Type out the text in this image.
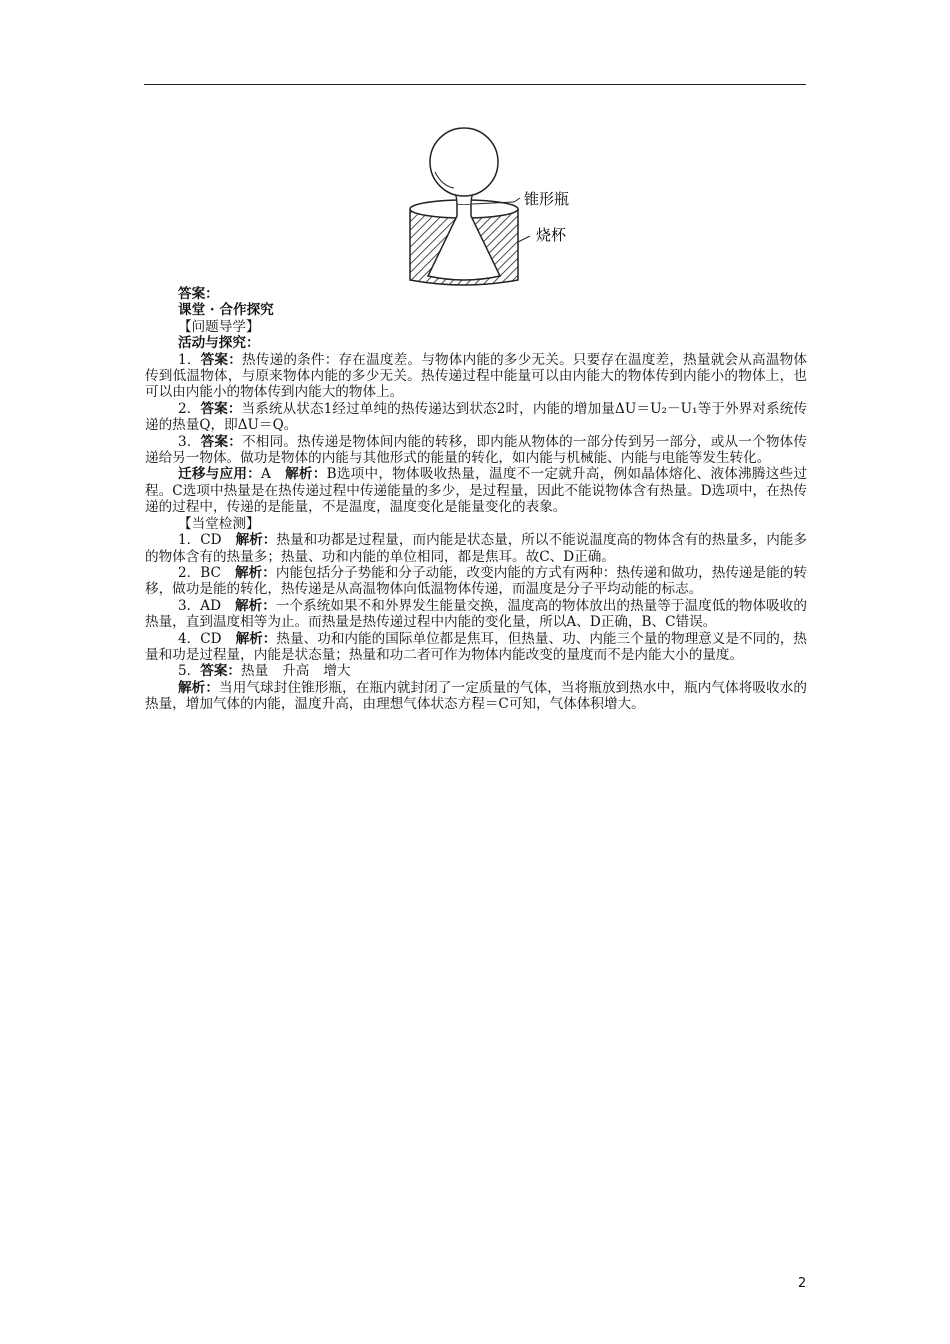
锥形瓶
烧杯

答案：

课堂 · 合作探究

【问题导学】

活动与探究：

1．答案：热传递的条件：存在温度差。与物体内能的多少无关。只要存在温度差，热量就会从高温物体传到低温物体，与原来物体内能的多少无关。热传递过程中能量可以由内能大的物体传到内能小的物体上，也可以由内能小的物体传到内能大的物体上。

2．答案：当系统从状态1经过单纯的热传递达到状态2时，内能的增加量ΔU＝U₂－U₁等于外界对系统传递的热量Q，即ΔU＝Q。

3．答案：不相同。热传递是物体间内能的转移，即内能从物体的一部分传到另一部分，或从一个物体传递给另一物体。做功是物体的内能与其他形式的能量的转化，如内能与机械能、内能与电能等发生转化。

迁移与应用：A 解析：B选项中，物体吸收热量，温度不一定就升高，例如晶体熔化、液体沸腾这些过程。C选项中热量是在热传递过程中传递能量的多少，是过程量，因此不能说物体含有热量。D选项中，在热传递的过程中，传递的是能量，不是温度，温度变化是能量变化的表象。

【当堂检测】

1．CD 解析：热量和功都是过程量，而内能是状态量，所以不能说温度高的物体含有的热量多，内能多的物体含有的热量多；热量、功和内能的单位相同，都是焦耳。故C、D正确。

2．BC 解析：内能包括分子势能和分子动能，改变内能的方式有两种：热传递和做功，热传递是能的转移，做功是能的转化，热传递是从高温物体向低温物体传递，而温度是分子平均动能的标志。

3．AD 解析：一个系统如果不和外界发生能量交换，温度高的物体放出的热量等于温度低的物体吸收的热量，直到温度相等为止。而热量是热传递过程中内能的变化量，所以A、D正确，B、C错误。

4．CD 解析：热量、功和内能的国际单位都是焦耳，但热量、功、内能三个量的物理意义是不同的，热量和功是过程量，内能是状态量；热量和功二者可作为物体内能改变的量度而不是内能大小的量度。

5．答案：热量 升高 增大

解析：当用气球封住锥形瓶，在瓶内就封闭了一定质量的气体，当将瓶放到热水中，瓶内气体将吸收水的热量，增加气体的内能，温度升高，由理想气体状态方程＝C可知，气体体积增大。

2
